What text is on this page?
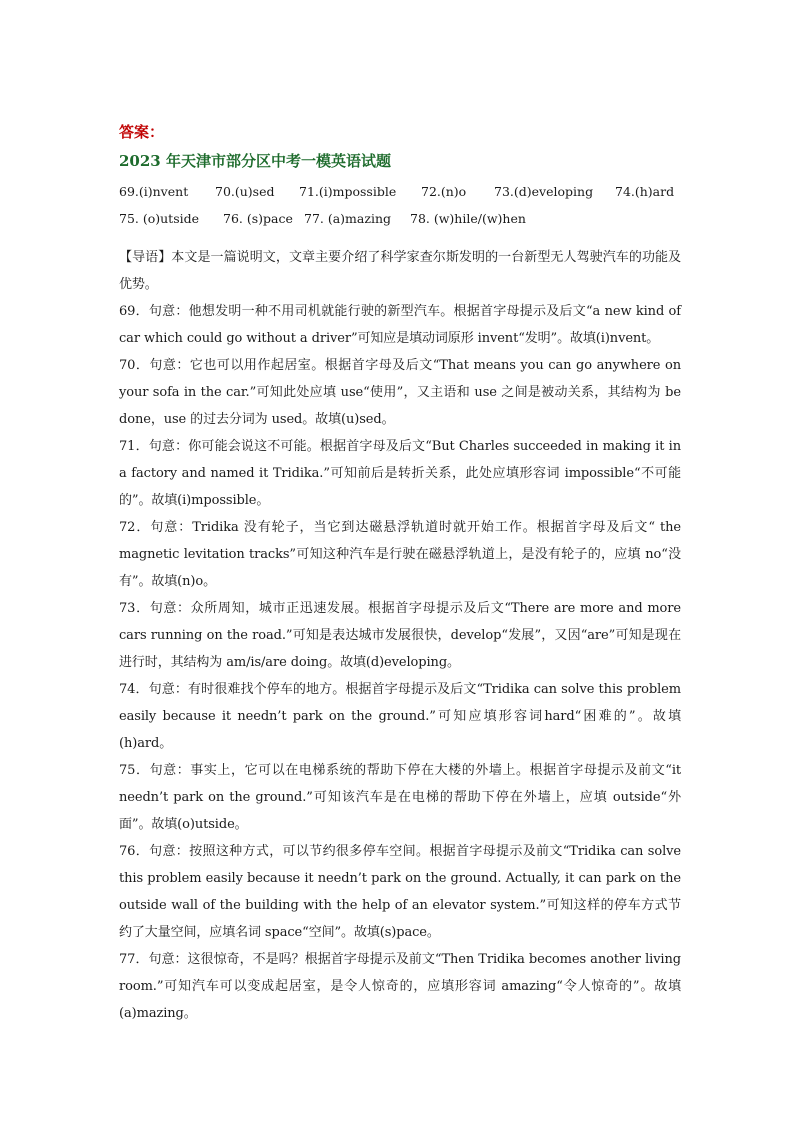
答案：
2023 年天津市部分区中考一模英语试题
69.(i)nvent	70.(u)sed	71.(i)mpossible	72.(n)o	73.(d)eveloping	74.(h)ard
75. (o)utside	76. (s)pace 77. (a)mazing	78. (w)hile/(w)hen

【导语】本文是一篇说明文，文章主要介绍了科学家查尔斯发明的一台新型无人驾驶汽车的功能及优势。

69．句意：他想发明一种不用司机就能行驶的新型汽车。根据首字母提示及后文“a new kind of car which could go without a driver”可知应是填动词原形 invent“发明”。故填(i)nvent。

70．句意：它也可以用作起居室。根据首字母及后文“That means you can go anywhere on your sofa in the car.”可知此处应填 use“使用”，又主语和 use 之间是被动关系，其结构为 be done，use 的过去分词为 used。故填(u)sed。

71．句意：你可能会说这不可能。根据首字母及后文“But Charles succeeded in making it in a factory and named it Tridika.”可知前后是转折关系，此处应填形容词 impossible“不可能的”。故填(i)mpossible。

72．句意：Tridika 没有轮子，当它到达磁悬浮轨道时就开始工作。根据首字母及后文“ the magnetic levitation tracks”可知这种汽车是行驶在磁悬浮轨道上，是没有轮子的，应填 no“没有”。故填(n)o。

73．句意：众所周知，城市正迅速发展。根据首字母提示及后文“There are more and more cars running on the road.”可知是表达城市发展很快，develop“发展”，又因“are”可知是现在进行时，其结构为 am/is/are doing。故填(d)eveloping。

74．句意：有时很难找个停车的地方。根据首字母提示及后文“Tridika can solve this problem easily because it needn’t park on the ground.”可知应填形容词hard“困难的”。故填(h)ard。

75．句意：事实上，它可以在电梯系统的帮助下停在大楼的外墙上。根据首字母提示及前文“it needn’t park on the ground.”可知该汽车是在电梯的帮助下停在外墙上，应填 outside“外面”。故填(o)utside。

76．句意：按照这种方式，可以节约很多停车空间。根据首字母提示及前文“Tridika can solve this problem easily because it needn’t park on the ground. Actually, it can park on the outside wall of the building with the help of an elevator system.”可知这样的停车方式节约了大量空间，应填名词 space“空间”。故填(s)pace。

77．句意：这很惊奇，不是吗？根据首字母提示及前文“Then Tridika becomes another living room.”可知汽车可以变成起居室，是令人惊奇的，应填形容词 amazing“令人惊奇的”。故填(a)mazing。
